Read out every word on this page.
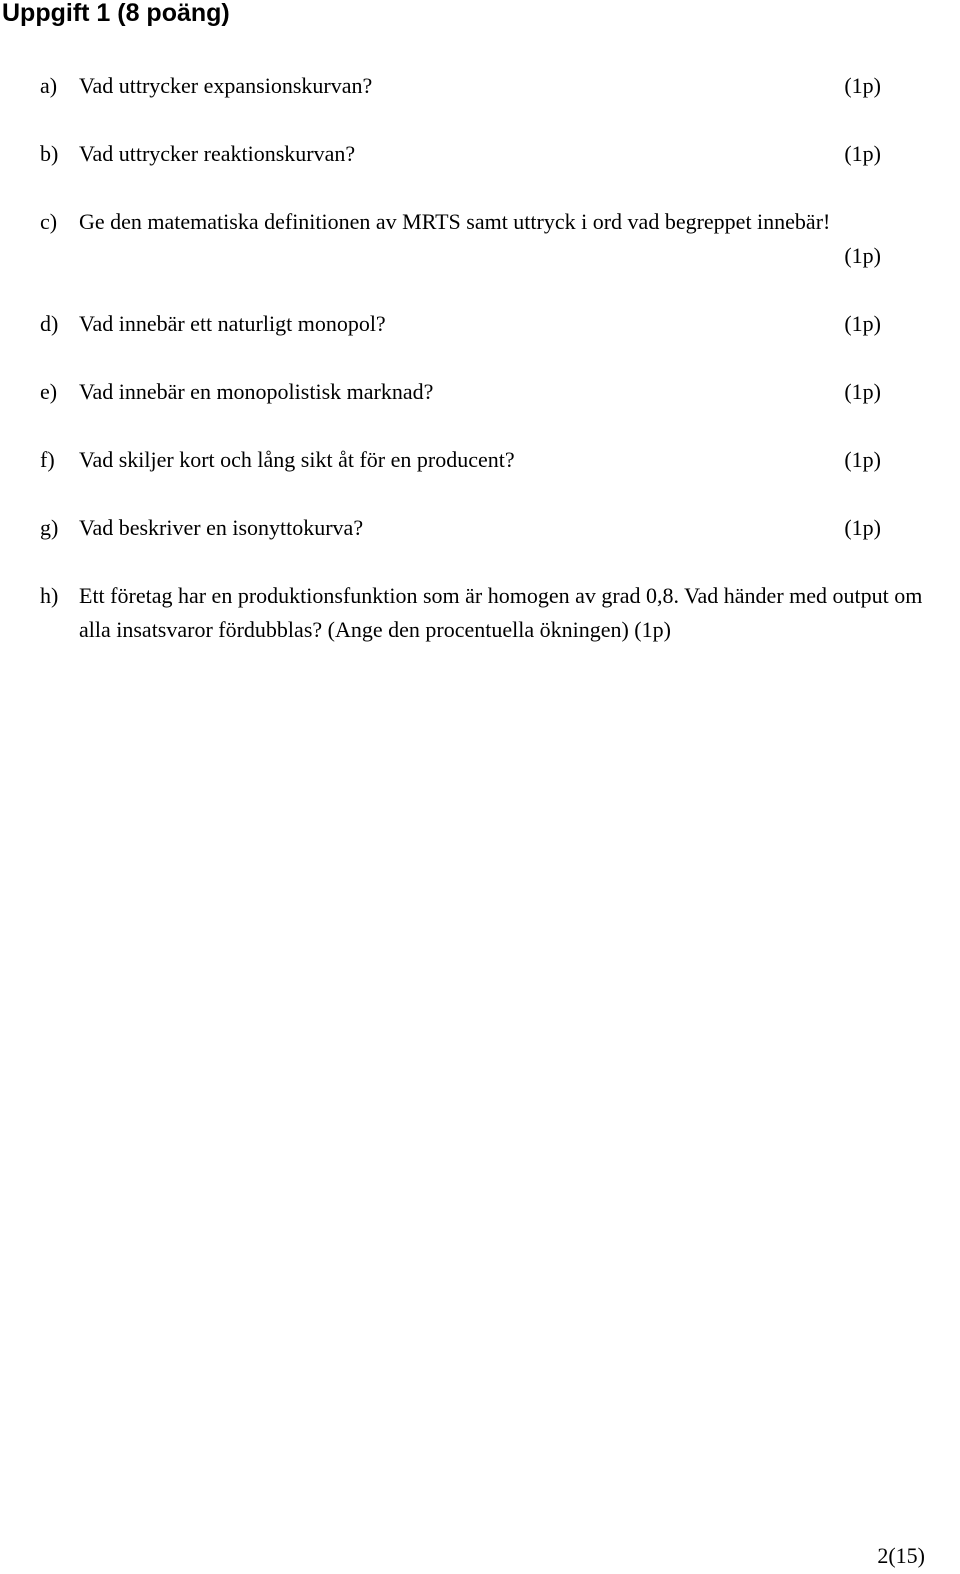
Uppgift 1 (8 poäng)
a) Vad uttrycker expansionskurvan?	(1p)
b) Vad uttrycker reaktionskurvan?	(1p)
c) Ge den matematiska definitionen av MRTS samt uttryck i ord vad begreppet innebär!
(1p)
d) Vad innebär ett naturligt monopol?	(1p)
e) Vad innebär en monopolistisk marknad?	(1p)
f) Vad skiljer kort och lång sikt åt för en producent?	(1p)
g) Vad beskriver en isonyttokurva?	(1p)
h) Ett företag har en produktionsfunktion som är homogen av grad 0,8. Vad händer med output om alla insatsvaror fördubblas? (Ange den procentuella ökningen) (1p)
2(15)
